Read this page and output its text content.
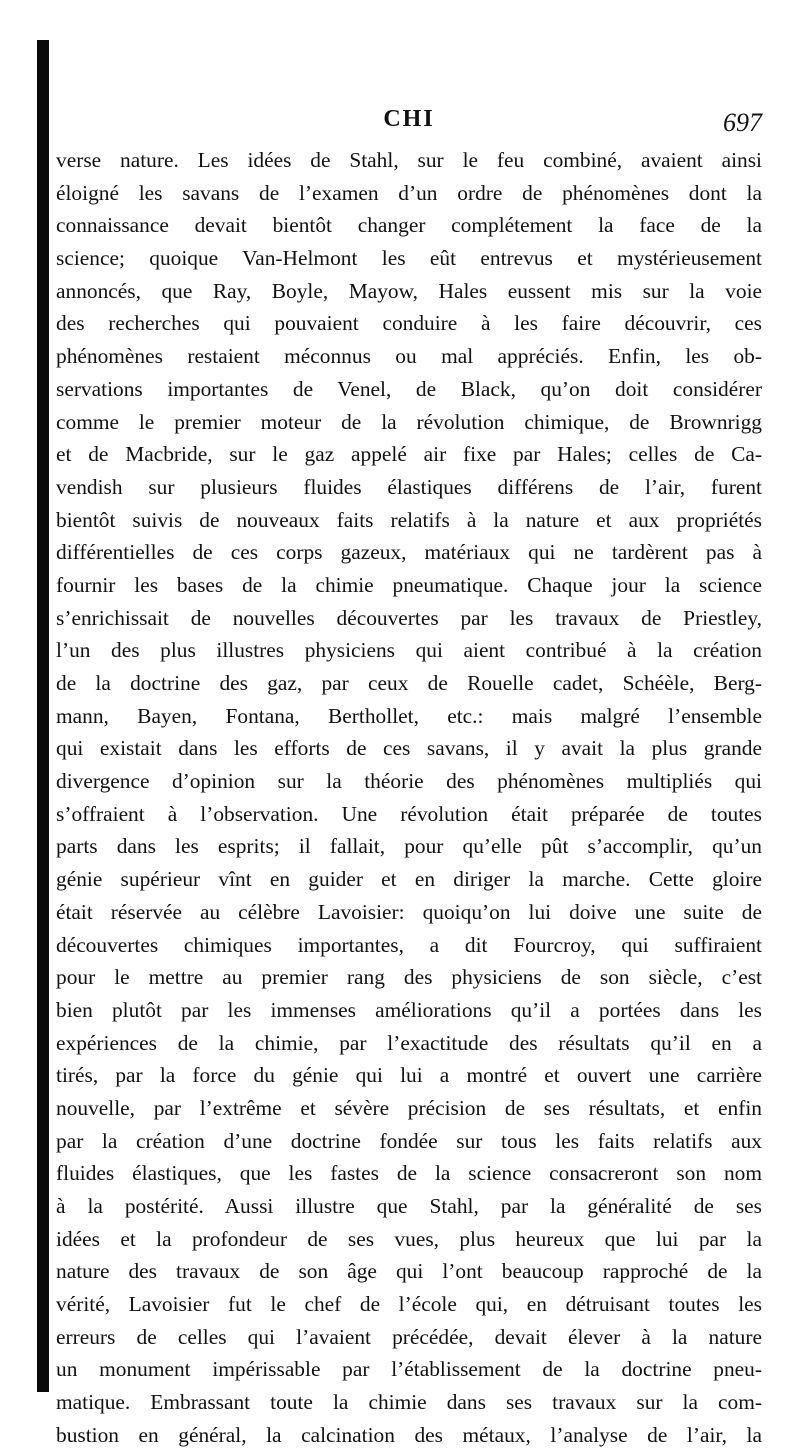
CHI	697
verse nature. Les idées de Stahl, sur le feu combiné, avaient ainsi
éloigné les savans de l’examen d’un ordre de phénomènes dont la
connaissance devait bientôt changer complétement la face de la
science; quoique Van-Helmont les eût entrevus et mystérieusement
annoncés, que Ray, Boyle, Mayow, Hales eussent mis sur la voie
des recherches qui pouvaient conduire à les faire découvrir, ces
phénomènes restaient méconnus ou mal appréciés. Enfin, les ob-
servations importantes de Venel, de Black, qu’on doit considérer
comme le premier moteur de la révolution chimique, de Brownrigg
et de Macbride, sur le gaz appelé air fixe par Hales; celles de Ca-
vendish sur plusieurs fluides élastiques différens de l’air, furent
bientôt suivis de nouveaux faits relatifs à la nature et aux propriétés
différentielles de ces corps gazeux, matériaux qui ne tardèrent pas à
fournir les bases de la chimie pneumatique. Chaque jour la science
s’enrichissait de nouvelles découvertes par les travaux de Priestley,
l’un des plus illustres physiciens qui aient contribué à la création
de la doctrine des gaz, par ceux de Rouelle cadet, Schéèle, Berg-
mann, Bayen, Fontana, Berthollet, etc.: mais malgré l’ensemble
qui existait dans les efforts de ces savans, il y avait la plus grande
divergence d’opinion sur la théorie des phénomènes multipliés qui
s’offraient à l’observation. Une révolution était préparée de toutes
parts dans les esprits; il fallait, pour qu’elle pût s’accomplir, qu’un
génie supérieur vînt en guider et en diriger la marche. Cette gloire
était réservée au célèbre Lavoisier: quoiqu’on lui doive une suite de
découvertes chimiques importantes, a dit Fourcroy, qui suffiraient
pour le mettre au premier rang des physiciens de son siècle, c’est
bien plutôt par les immenses améliorations qu’il a portées dans les
expériences de la chimie, par l’exactitude des résultats qu’il en a
tirés, par la force du génie qui lui a montré et ouvert une carrière
nouvelle, par l’extrême et sévère précision de ses résultats, et enfin
par la création d’une doctrine fondée sur tous les faits relatifs aux
fluides élastiques, que les fastes de la science consacreront son nom
à la postérité. Aussi illustre que Stahl, par la généralité de ses
idées et la profondeur de ses vues, plus heureux que lui par la
nature des travaux de son âge qui l’ont beaucoup rapproché de la
vérité, Lavoisier fut le chef de l’école qui, en détruisant toutes les
erreurs de celles qui l’avaient précédée, devait élever à la nature
un monument impérissable par l’établissement de la doctrine pneu-
matique. Embrassant toute la chimie dans ses travaux sur la com-
bustion en général, la calcination des métaux, l’analyse de l’air, la
